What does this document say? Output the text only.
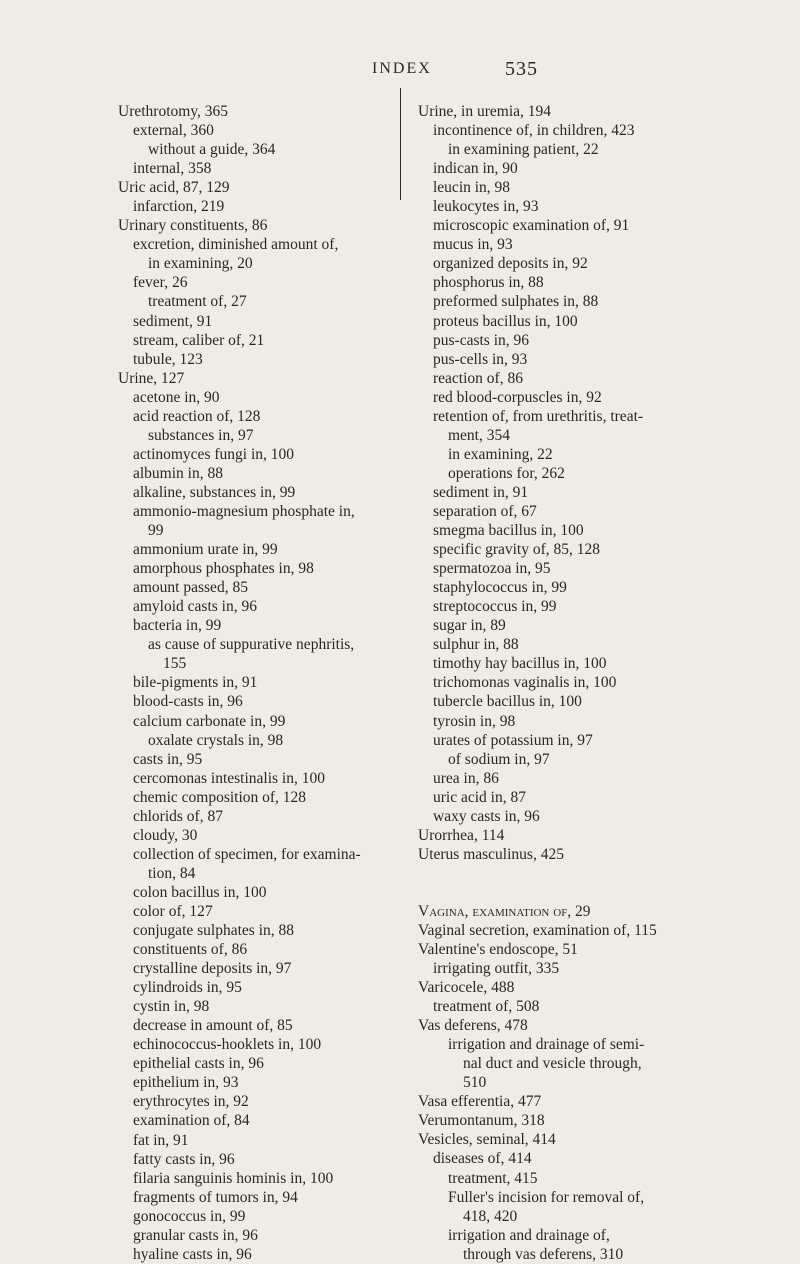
INDEX	535
Urethrotomy, 365
external, 360
without a guide, 364
internal, 358
Uric acid, 87, 129
infarction, 219
Urinary constituents, 86
excretion, diminished amount of,
in examining, 20
fever, 26
treatment of, 27
sediment, 91
stream, caliber of, 21
tubule, 123
Urine, 127
acetone in, 90
acid reaction of, 128
substances in, 97
actinomyces fungi in, 100
albumin in, 88
alkaline, substances in, 99
ammonio-magnesium phosphate in,
99
ammonium urate in, 99
amorphous phosphates in, 98
amount passed, 85
amyloid casts in, 96
bacteria in, 99
as cause of suppurative nephritis,
155
bile-pigments in, 91
blood-casts in, 96
calcium carbonate in, 99
oxalate crystals in, 98
casts in, 95
cercomonas intestinalis in, 100
chemic composition of, 128
chlorids of, 87
cloudy, 30
collection of specimen, for examina-
tion, 84
colon bacillus in, 100
color of, 127
conjugate sulphates in, 88
constituents of, 86
crystalline deposits in, 97
cylindroids in, 95
cystin in, 98
decrease in amount of, 85
echinococcus-hooklets in, 100
epithelial casts in, 96
epithelium in, 93
erythrocytes in, 92
examination of, 84
fat in, 91
fatty casts in, 96
filaria sanguinis hominis in, 100
fragments of tumors in, 94
gonococcus in, 99
granular casts in, 96
hyaline casts in, 96
Urine, in uremia, 194
incontinence of, in children, 423
in examining patient, 22
indican in, 90
leucin in, 98
leukocytes in, 93
microscopic examination of, 91
mucus in, 93
organized deposits in, 92
phosphorus in, 88
preformed sulphates in, 88
proteus bacillus in, 100
pus-casts in, 96
pus-cells in, 93
reaction of, 86
red blood-corpuscles in, 92
retention of, from urethritis, treat-
ment, 354
in examining, 22
operations for, 262
sediment in, 91
separation of, 67
smegma bacillus in, 100
specific gravity of, 85, 128
spermatozoa in, 95
staphylococcus in, 99
streptococcus in, 99
sugar in, 89
sulphur in, 88
timothy hay bacillus in, 100
trichomonas vaginalis in, 100
tubercle bacillus in, 100
tyrosin in, 98
urates of potassium in, 97
of sodium in, 97
urea in, 86
uric acid in, 87
waxy casts in, 96
Urorrhea, 114
Uterus masculinus, 425
Vagina, examination of, 29
Vaginal secretion, examination of, 115
Valentine's endoscope, 51
irrigating outfit, 335
Varicocele, 488
treatment of, 508
Vas deferens, 478
irrigation and drainage of semi-
nal duct and vesicle through,
510
Vasa efferentia, 477
Verumontanum, 318
Vesicles, seminal, 414
diseases of, 414
treatment, 415
Fuller's incision for removal of,
418, 420
irrigation and drainage of,
through vas deferens, 310
